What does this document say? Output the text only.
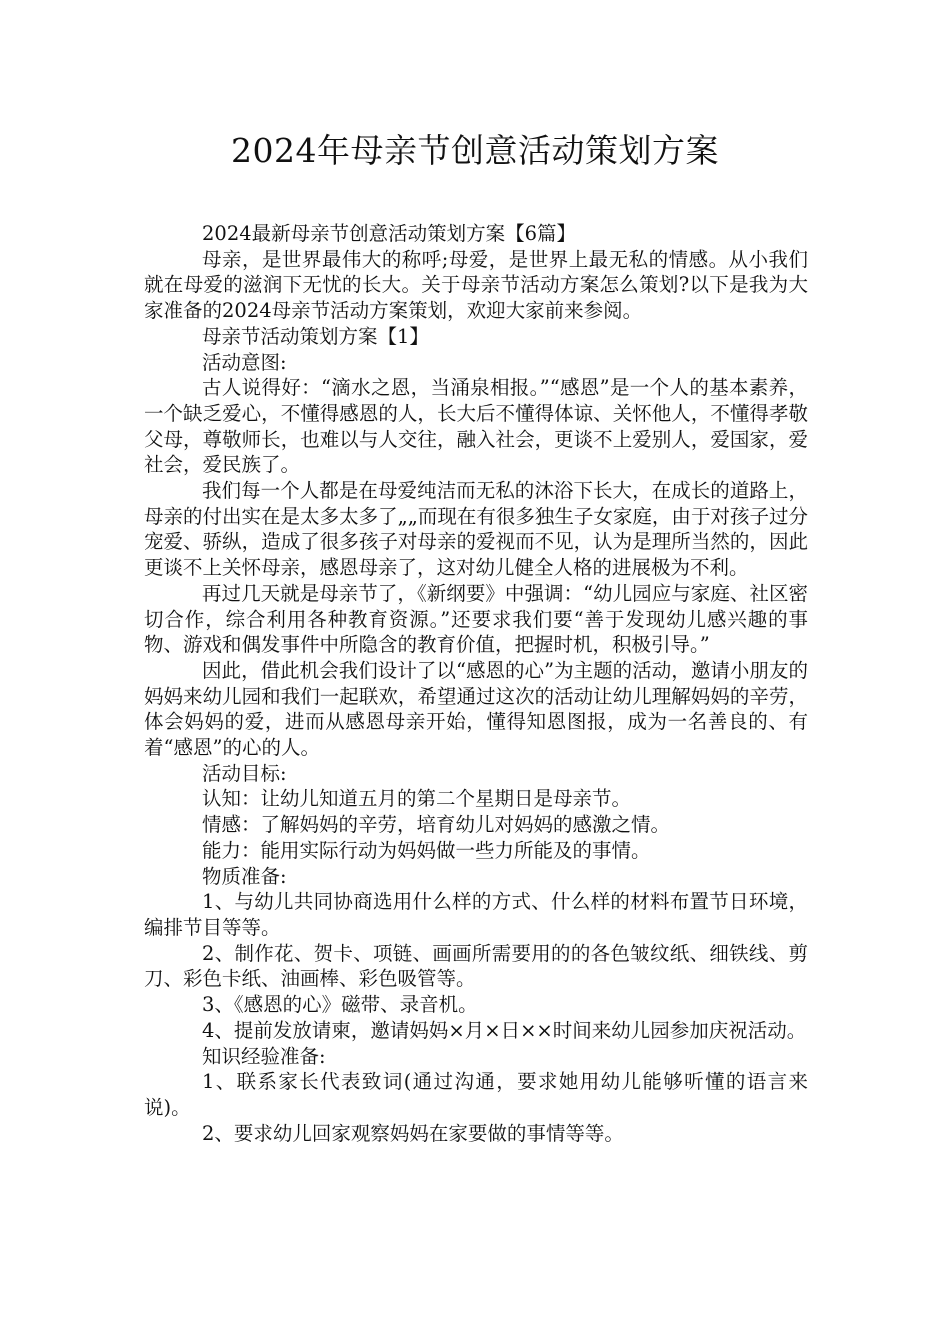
2024年母亲节创意活动策划方案

2024最新母亲节创意活动策划方案【6篇】

母亲，是世界最伟大的称呼;母爱，是世界上最无私的情感。从小我们就在母爱的滋润下无忧的长大。关于母亲节活动方案怎么策划?以下是我为大家准备的2024母亲节活动方案策划，欢迎大家前来参阅。

母亲节活动策划方案【1】

活动意图:

古人说得好：“滴水之恩，当涌泉相报。”“感恩”是一个人的基本素养，一个缺乏爱心，不懂得感恩的人，长大后不懂得体谅、关怀他人，不懂得孝敬父母，尊敬师长，也难以与人交往，融入社会，更谈不上爱别人，爱国家，爱社会，爱民族了。

我们每一个人都是在母爱纯洁而无私的沐浴下长大，在成长的道路上，母亲的付出实在是太多太多了„„而现在有很多独生子女家庭，由于对孩子过分宠爱、骄纵，造成了很多孩子对母亲的爱视而不见，认为是理所当然的，因此更谈不上关怀母亲，感恩母亲了，这对幼儿健全人格的进展极为不利。

再过几天就是母亲节了，《新纲要》中强调：“幼儿园应与家庭、社区密切合作，综合利用各种教育资源。”还要求我们要“善于发现幼儿感兴趣的事物、游戏和偶发事件中所隐含的教育价值，把握时机，积极引导。”

因此，借此机会我们设计了以“感恩的心”为主题的活动，邀请小朋友的妈妈来幼儿园和我们一起联欢，希望通过这次的活动让幼儿理解妈妈的辛劳，体会妈妈的爱，进而从感恩母亲开始，懂得知恩图报，成为一名善良的、有着“感恩”的心的人。

活动目标:

认知：让幼儿知道五月的第二个星期日是母亲节。

情感：了解妈妈的辛劳，培育幼儿对妈妈的感激之情。

能力：能用实际行动为妈妈做一些力所能及的事情。

物质准备:

1、与幼儿共同协商选用什么样的方式、什么样的材料布置节日环境，编排节目等等。

2、制作花、贺卡、项链、画画所需要用的的各色皱纹纸、细铁线、剪刀、彩色卡纸、油画棒、彩色吸管等。

3、《感恩的心》磁带、录音机。

4、提前发放请柬，邀请妈妈×月×日××时间来幼儿园参加庆祝活动。

知识经验准备:

1、联系家长代表致词(通过沟通，要求她用幼儿能够听懂的语言来说)。

2、要求幼儿回家观察妈妈在家要做的事情等等。
